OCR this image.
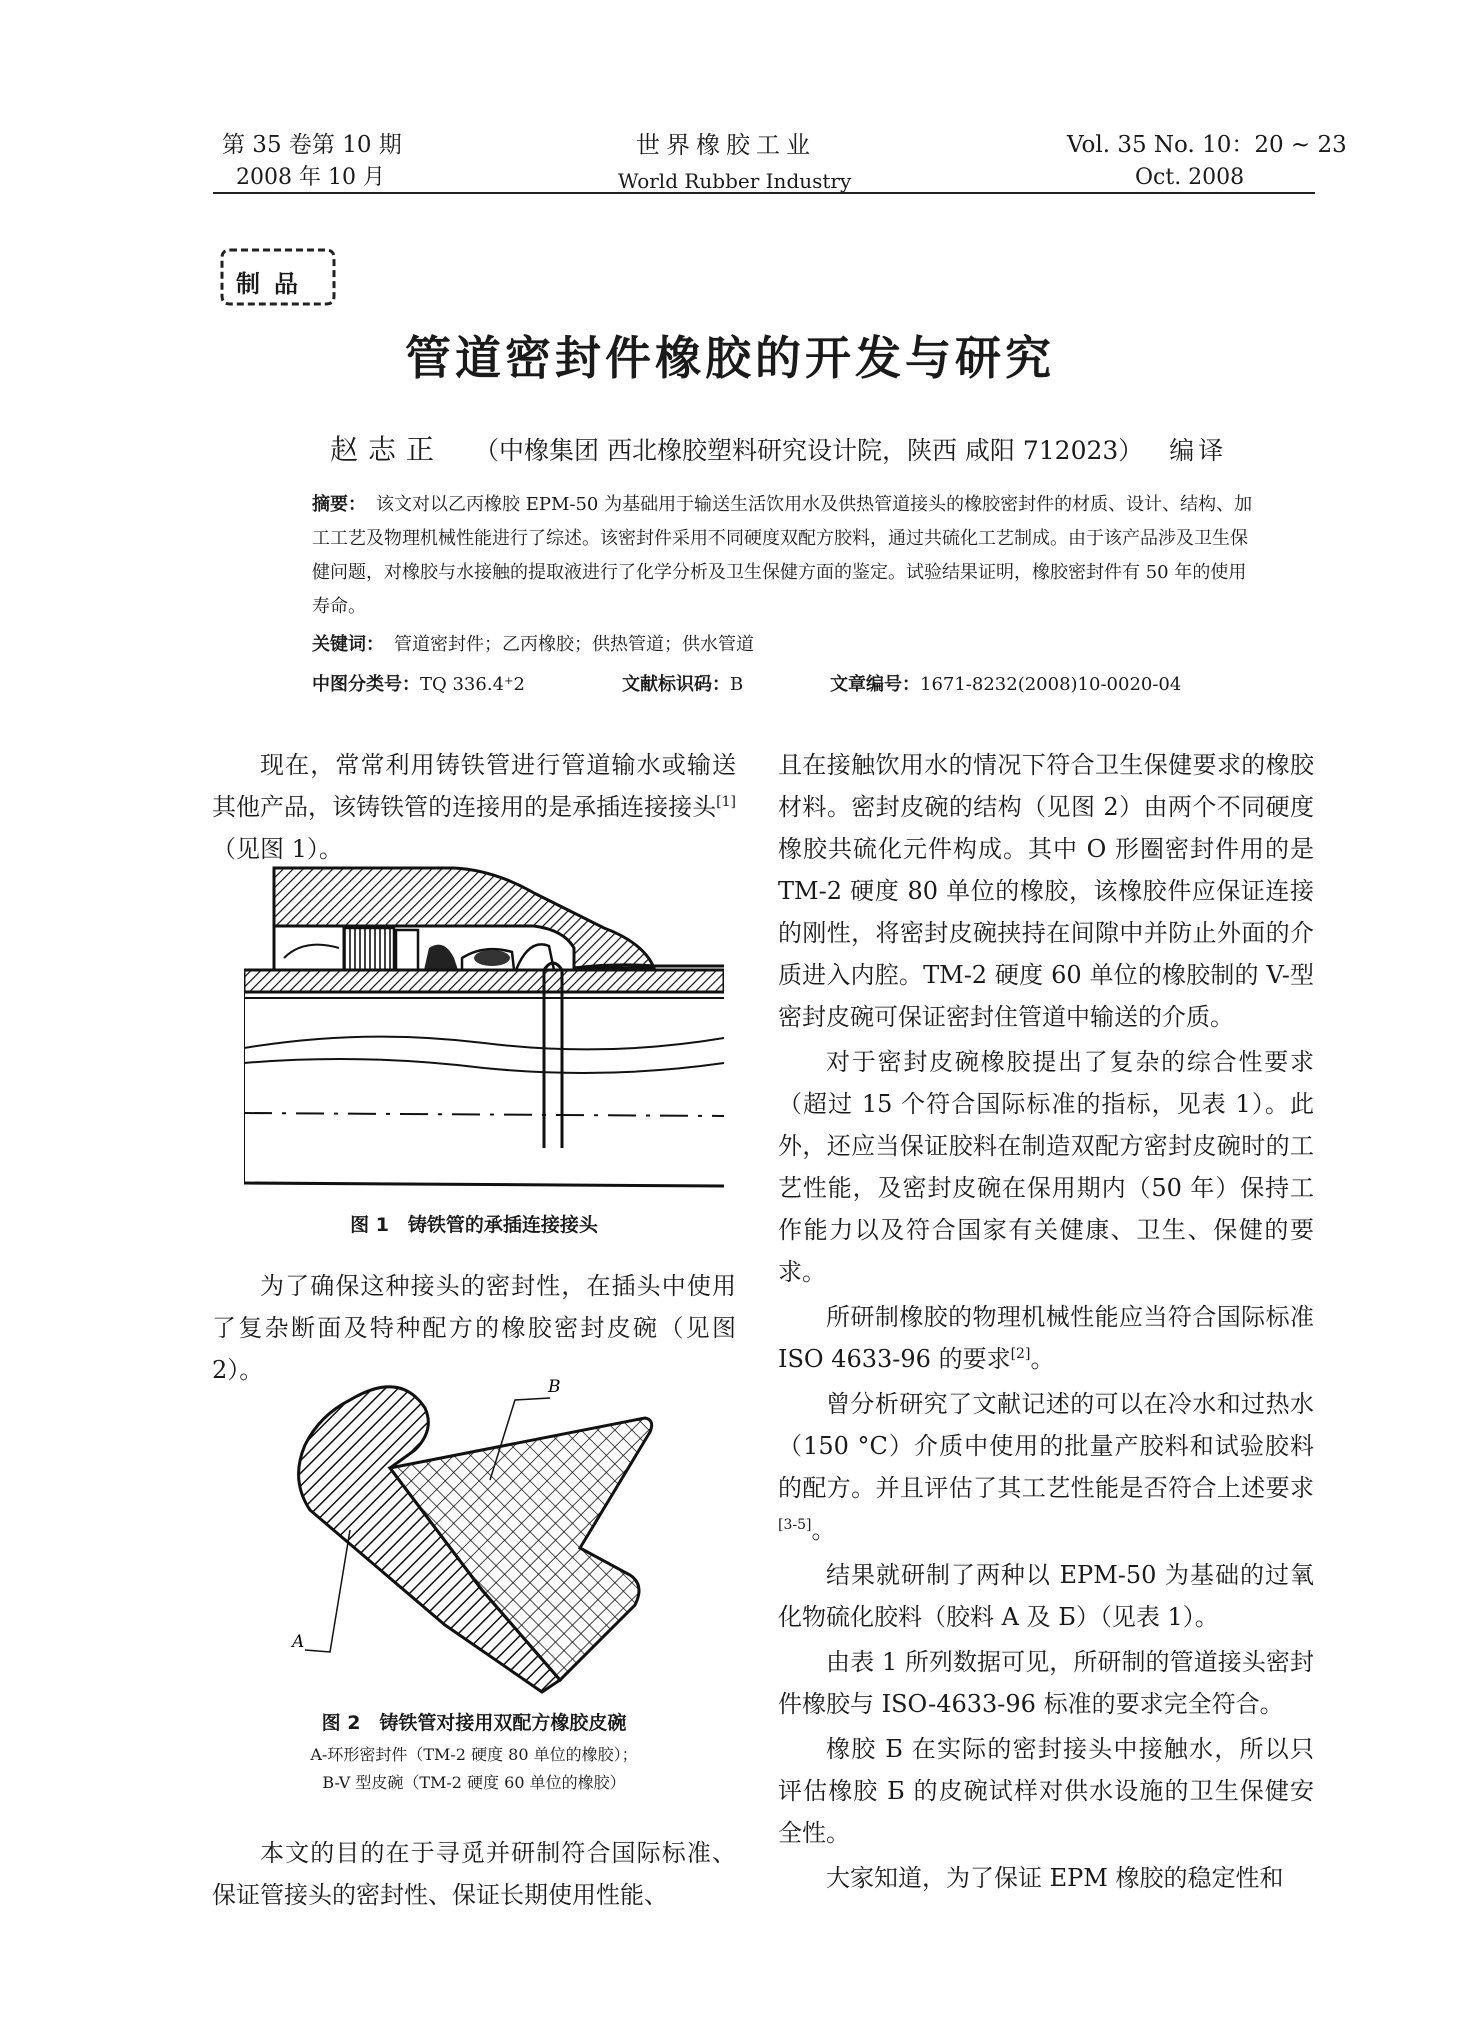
第 35 卷第 10 期
2008 年 10 月
世界橡胶工业
World Rubber Industry
Vol. 35 No. 10：20 ~ 23
Oct. 2008
制品
管道密封件橡胶的开发与研究
赵志正 （中橡集团 西北橡胶塑料研究设计院，陕西 咸阳 712023） 编译
摘要： 该文对以乙丙橡胶 EPM-50 为基础用于输送生活饮用水及供热管道接头的橡胶密封件的材质、设计、结构、加工工艺及物理机械性能进行了综述。该密封件采用不同硬度双配方胶料，通过共硫化工艺制成。由于该产品涉及卫生保健问题，对橡胶与水接触的提取液进行了化学分析及卫生保健方面的鉴定。试验结果证明，橡胶密封件有 50 年的使用寿命。
关键词： 管道密封件；乙丙橡胶；供热管道；供水管道
中图分类号：TQ 336.4⁺2	文献标识码：B	文章编号：1671-8232(2008)10-0020-04

现在，常常利用铸铁管进行管道输水或输送其他产品，该铸铁管的连接用的是承插连接接头[1]（见图 1）。

图 1　铸铁管的承插连接接头

为了确保这种接头的密封性，在插头中使用了复杂断面及特种配方的橡胶密封皮碗（见图 2）。

B
A
图 2　铸铁管对接用双配方橡胶皮碗
A-环形密封件（TM-2 硬度 80 单位的橡胶）；
B-V 型皮碗（TM-2 硬度 60 单位的橡胶）

本文的目的在于寻觅并研制符合国际标准、保证管接头的密封性、保证长期使用性能、

且在接触饮用水的情况下符合卫生保健要求的橡胶材料。密封皮碗的结构（见图 2）由两个不同硬度橡胶共硫化元件构成。其中 O 形圈密封件用的是 TM-2 硬度 80 单位的橡胶，该橡胶件应保证连接的刚性，将密封皮碗挟持在间隙中并防止外面的介质进入内腔。TM-2 硬度 60 单位的橡胶制的 V-型密封皮碗可保证密封住管道中输送的介质。

对于密封皮碗橡胶提出了复杂的综合性要求（超过 15 个符合国际标准的指标，见表 1）。此外，还应当保证胶料在制造双配方密封皮碗时的工艺性能，及密封皮碗在保用期内（50 年）保持工作能力以及符合国家有关健康、卫生、保健的要求。

所研制橡胶的物理机械性能应当符合国际标准 ISO 4633-96 的要求[2]。

曾分析研究了文献记述的可以在冷水和过热水（150 °C）介质中使用的批量产胶料和试验胶料的配方。并且评估了其工艺性能是否符合上述要求[3-5]。

结果就研制了两种以 EPM-50 为基础的过氧化物硫化胶料（胶料 A 及 Б）（见表 1）。

由表 1 所列数据可见，所研制的管道接头密封件橡胶与 ISO-4633-96 标准的要求完全符合。

橡胶 Б 在实际的密封接头中接触水，所以只评估橡胶 Б 的皮碗试样对供水设施的卫生保健安全性。

大家知道，为了保证 EPM 橡胶的稳定性和
